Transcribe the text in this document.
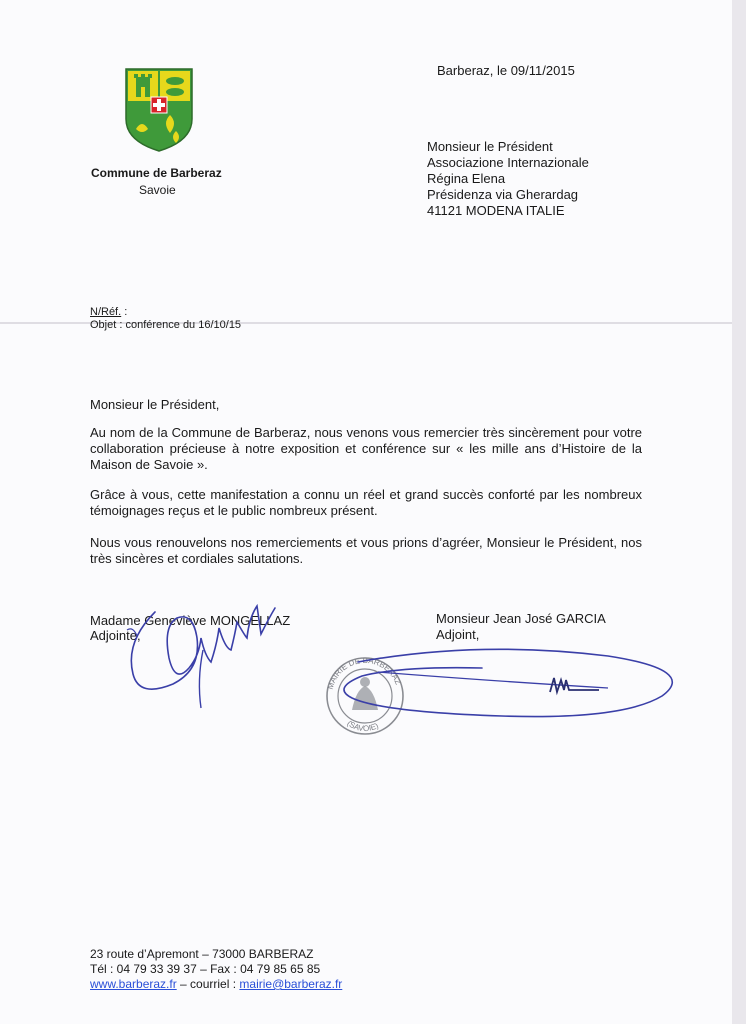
Commune de Barberaz
Savoie
Barberaz, le 09/11/2015
Monsieur le Président
Associazione Internazionale
Régina Elena
Présidenza via Gherardag
41121 MODENA ITALIE
N/Réf. :
Objet : conférence du 16/10/15
Monsieur le Président,
Au nom de la Commune de Barberaz, nous venons vous remercier très sincèrement pour votre collaboration précieuse à notre exposition et conférence sur « les mille ans d’Histoire de la Maison de Savoie ».
Grâce à vous, cette manifestation a connu un réel et grand succès conforté par les nombreux témoignages reçus et le public nombreux présent.
Nous vous renouvelons nos remerciements et vous prions d’agréer, Monsieur le Président, nos très sincères et cordiales salutations.
Madame Geneviève MONGELLAZ
Adjointe,
Monsieur Jean José GARCIA
Adjoint,
MAIRIE DE BARBERAZ
(SAVOIE)
23 route d’Apremont – 73000 BARBERAZ
Tél : 04 79 33 39 37 – Fax : 04 79 85 65 85
www.barberaz.fr – courriel : mairie@barberaz.fr
